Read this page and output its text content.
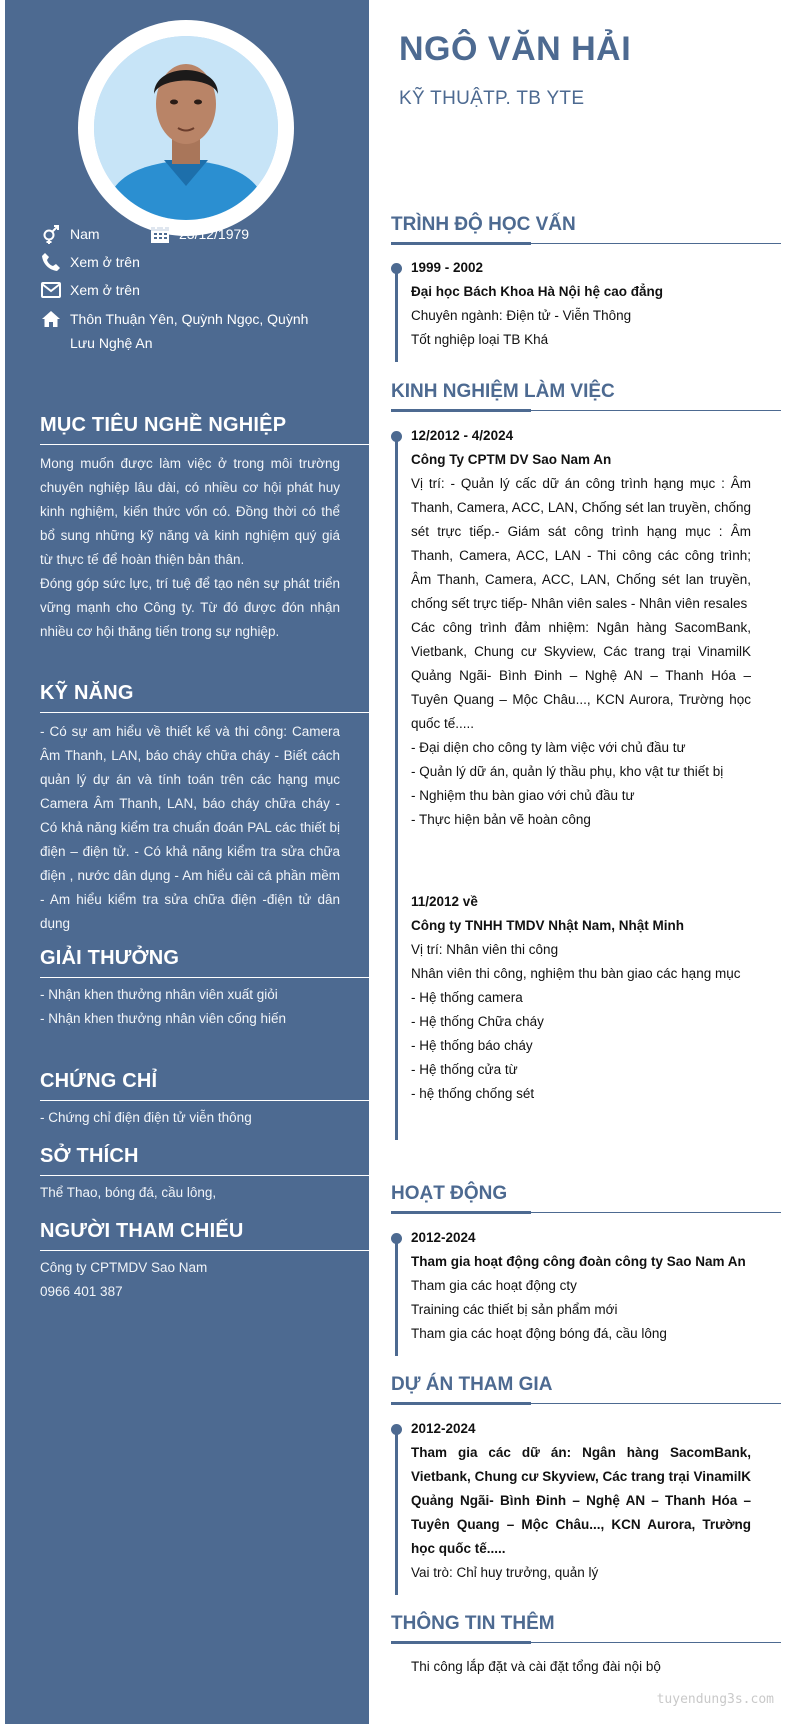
Nam	23/12/1979
Xem ở trên
Xem ở trên
Thôn Thuận Yên, Quỳnh Ngọc, Quỳnh Lưu Nghệ An
MỤC TIÊU NGHỀ NGHIỆP

Mong muốn được làm việc ở trong môi trường chuyên nghiệp lâu dài, có nhiều cơ hội phát huy kinh nghiệm, kiến thức vốn có. Đồng thời có thể bổ sung những kỹ năng và kinh nghiệm quý giá từ thực tế để hoàn thiện bản thân.

Đóng góp sức lực, trí tuệ để tạo nên sự phát triển vững mạnh cho Công ty. Từ đó được đón nhận nhiều cơ hội thăng tiến trong sự nghiệp.

KỸ NĂNG
- Có sự am hiểu về thiết kế và thi công: Camera Âm Thanh, LAN, báo cháy chữa cháy - Biết cách quản lý dự án và tính toán trên các hạng mục Camera Âm Thanh, LAN, báo cháy chữa cháy - Có khả năng kiểm tra chuẩn đoán PAL các thiết bị điện – điện tử. - Có khả năng kiểm tra sửa chữa điện , nước dân dụng - Am hiểu cài cá phần mềm - Am hiểu kiểm tra sửa chữa điện -điện tử dân dụng
GIẢI THƯỞNG
- Nhận khen thưởng nhân viên xuất giỏi
- Nhận khen thưởng nhân viên cống hiến
CHỨNG CHỈ
- Chứng chỉ điện điện tử viễn thông
SỞ THÍCH
Thể Thao, bóng đá, cầu lông,
NGƯỜI THAM CHIẾU
Công ty CPTMDV Sao Nam
0966 401 387
NGÔ VĂN HẢI
KỸ THUẬTP. TB YTE
TRÌNH ĐỘ HỌC VẤN
1999 - 2002
Đại học Bách Khoa Hà Nội hệ cao đẳng
Chuyên ngành: Điện tử - Viễn Thông
Tốt nghiệp loại TB Khá
KINH NGHIỆM LÀM VIỆC
12/2012 - 4/2024
Công Ty CPTM DV Sao Nam An
Vị trí: - Quản lý cấc dữ án công trình hạng mục : Âm Thanh, Camera, ACC, LAN, Chống sét lan truyền, chống sét trực tiếp.- Giám sát công trình hạng mục : Âm Thanh, Camera, ACC, LAN - Thi công các công trình; Âm Thanh, Camera, ACC, LAN, Chống sét lan truyền, chống sết trực tiếp- Nhân viên sales - Nhân viên resales
Các công trình đảm nhiệm: Ngân hàng SacomBank, Vietbank, Chung cư Skyview, Các trang trại VinamilK Quảng Ngãi- Bình Đinh – Nghệ AN – Thanh Hóa – Tuyên Quang – Mộc Châu..., KCN Aurora, Trường học quốc tế.....
- Đại diện cho công ty làm việc với chủ đầu tư
- Quản lý dữ án, quản lý thầu phụ, kho vật tư thiết bị
- Nghiệm thu bàn giao với chủ đầu tư
- Thực hiện bản vẽ hoàn công
11/2012 về
Công ty TNHH TMDV Nhật Nam, Nhật Minh
Vị trí: Nhân viên thi công
Nhân viên thi công, nghiệm thu bàn giao các hạng mục
- Hệ thống camera
- Hệ thống Chữa cháy
- Hệ thống báo cháy
- Hệ thống cửa từ
- hệ thống chống sét
HOẠT ĐỘNG
2012-2024
Tham gia hoạt động công đoàn công ty Sao Nam An
Tham gia các hoạt động cty
Training các thiết bị sản phẩm mới
Tham gia các hoạt động bóng đá, cầu lông
DỰ ÁN THAM GIA
2012-2024
Tham gia các dữ án: Ngân hàng SacomBank, Vietbank, Chung cư Skyview, Các trang trại VinamilK Quảng Ngãi- Bình Đinh – Nghệ AN – Thanh Hóa – Tuyên Quang – Mộc Châu..., KCN Aurora, Trường học quốc tế.....
Vai trò: Chỉ huy trưởng, quản lý
THÔNG TIN THÊM
Thi công lắp đặt và cài đặt tổng đài nội bộ
tuyendung3s.com
